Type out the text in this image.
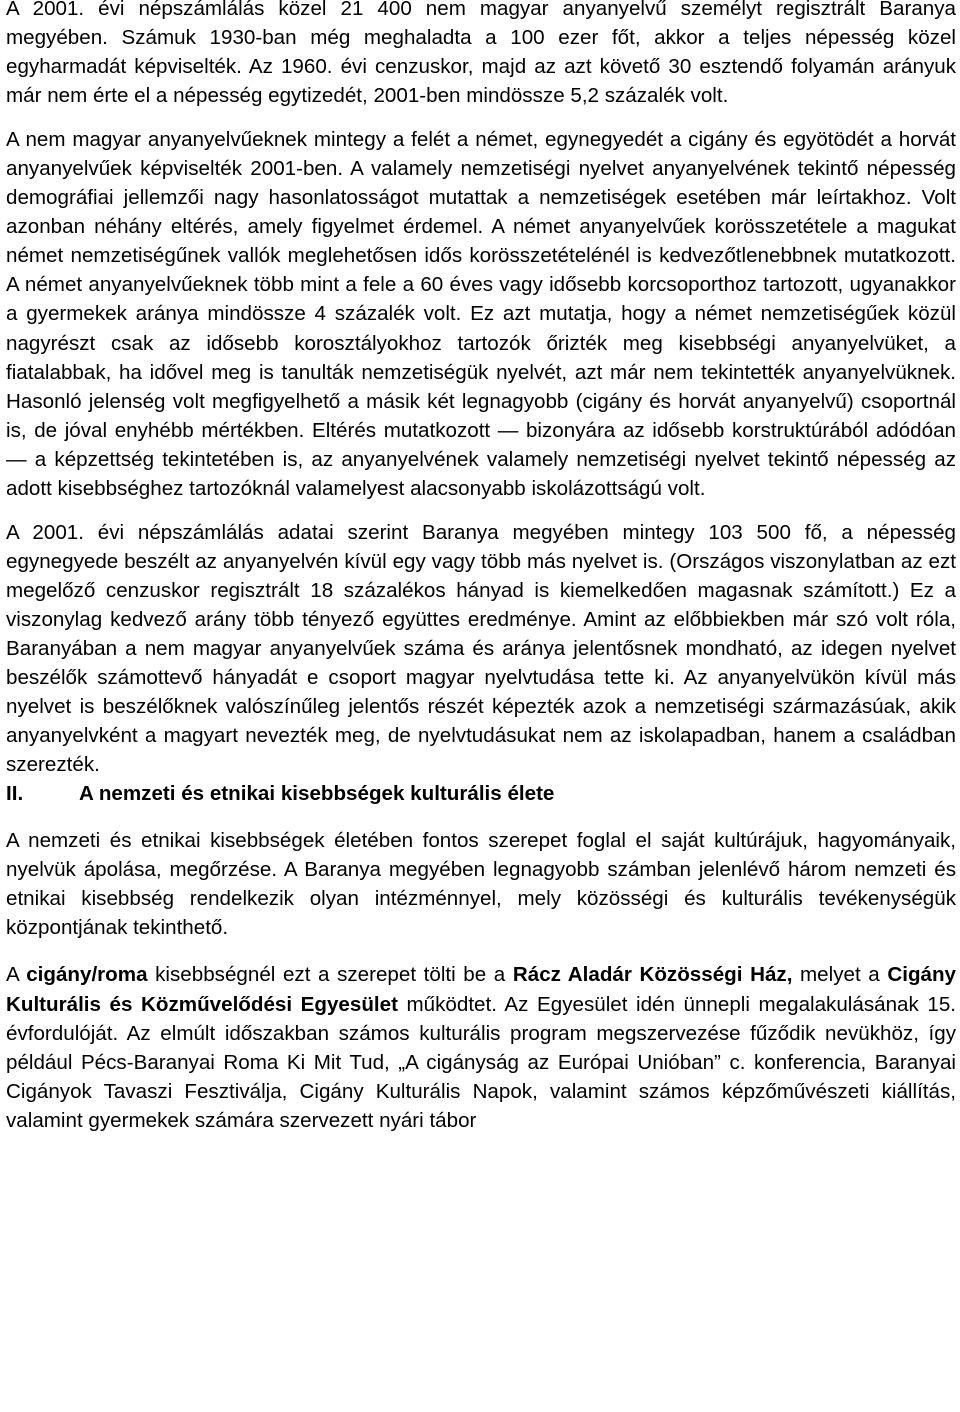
A 2001. évi népszámlálás közel 21 400 nem magyar anyanyelvű személyt regisztrált Baranya megyében. Számuk 1930-ban még meghaladta a 100 ezer főt, akkor a teljes népesség közel egyharmadát képviselték. Az 1960. évi cenzuskor, majd az azt követő 30 esztendő folyamán arányuk már nem érte el a népesség egytizedét, 2001-ben mindössze 5,2 százalék volt.

A nem magyar anyanyelvűeknek mintegy a felét a német, egynegyedét a cigány és egyötödét a horvát anyanyelvűek képviselték 2001-ben. A valamely nemzetiségi nyelvet anyanyelvének tekintő népesség demográfiai jellemzői nagy hasonlatosságot mutattak a nemzetiségek esetében már leírtakhoz. Volt azonban néhány eltérés, amely figyelmet érdemel. A német anyanyelvűek korösszetétele a magukat német nemzetiségűnek vallók meglehetősen idős korösszetételénél is kedvezőtlenebbnek mutatkozott. A német anyanyelvűeknek több mint a fele a 60 éves vagy idősebb korcsoporthoz tartozott, ugyanakkor a gyermekek aránya mindössze 4 százalék volt. Ez azt mutatja, hogy a német nemzetiségűek közül nagyrészt csak az idősebb korosztályokhoz tartozók őrizték meg kisebbségi anyanyelvüket, a fiatalabbak, ha idővel meg is tanulták nemzetiségük nyelvét, azt már nem tekintették anyanyelvüknek. Hasonló jelenség volt megfigyelhető a másik két legnagyobb (cigány és horvát anyanyelvű) csoportnál is, de jóval enyhébb mértékben. Eltérés mutatkozott — bizonyára az idősebb korstruktúrából adódóan — a képzettség tekintetében is, az anyanyelvének valamely nemzetiségi nyelvet tekintő népesség az adott kisebbséghez tartozóknál valamelyest alacsonyabb iskolázottságú volt.

A 2001. évi népszámlálás adatai szerint Baranya megyében mintegy 103 500 fő, a népesség egynegyede beszélt az anyanyelvén kívül egy vagy több más nyelvet is. (Országos viszonylatban az ezt megelőző cenzuskor regisztrált 18 százalékos hányad is kiemelkedően magasnak számított.) Ez a viszonylag kedvező arány több tényező együttes eredménye. Amint az előbbiekben már szó volt róla, Baranyában a nem magyar anyanyelvűek száma és aránya jelentősnek mondható, az idegen nyelvet beszélők számottevő hányadát e csoport magyar nyelvtudása tette ki. Az anyanyelvükön kívül más nyelvet is beszélőknek valószínűleg jelentős részét képezték azok a nemzetiségi származásúak, akik anyanyelvként a magyart nevezték meg, de nyelvtudásukat nem az iskolapadban, hanem a családban szerezték.

II.	A nemzeti és etnikai kisebbségek kulturális élete

A nemzeti és etnikai kisebbségek életében fontos szerepet foglal el saját kultúrájuk, hagyományaik, nyelvük ápolása, megőrzése. A Baranya megyében legnagyobb számban jelenlévő három nemzeti és etnikai kisebbség rendelkezik olyan intézménnyel, mely közösségi és kulturális tevékenységük központjának tekinthető.

A cigány/roma kisebbségnél ezt a szerepet tölti be a Rácz Aladár Közösségi Ház, melyet a Cigány Kulturális és Közművelődési Egyesület működtet. Az Egyesület idén ünnepli megalakulásának 15. évfordulóját. Az elmúlt időszakban számos kulturális program megszervezése fűződik nevükhöz, így például Pécs-Baranyai Roma Ki Mit Tud, „A cigányság az Európai Unióban” c. konferencia, Baranyai Cigányok Tavaszi Fesztiválja, Cigány Kulturális Napok, valamint számos képzőművészeti kiállítás, valamint gyermekek számára szervezett nyári tábor
